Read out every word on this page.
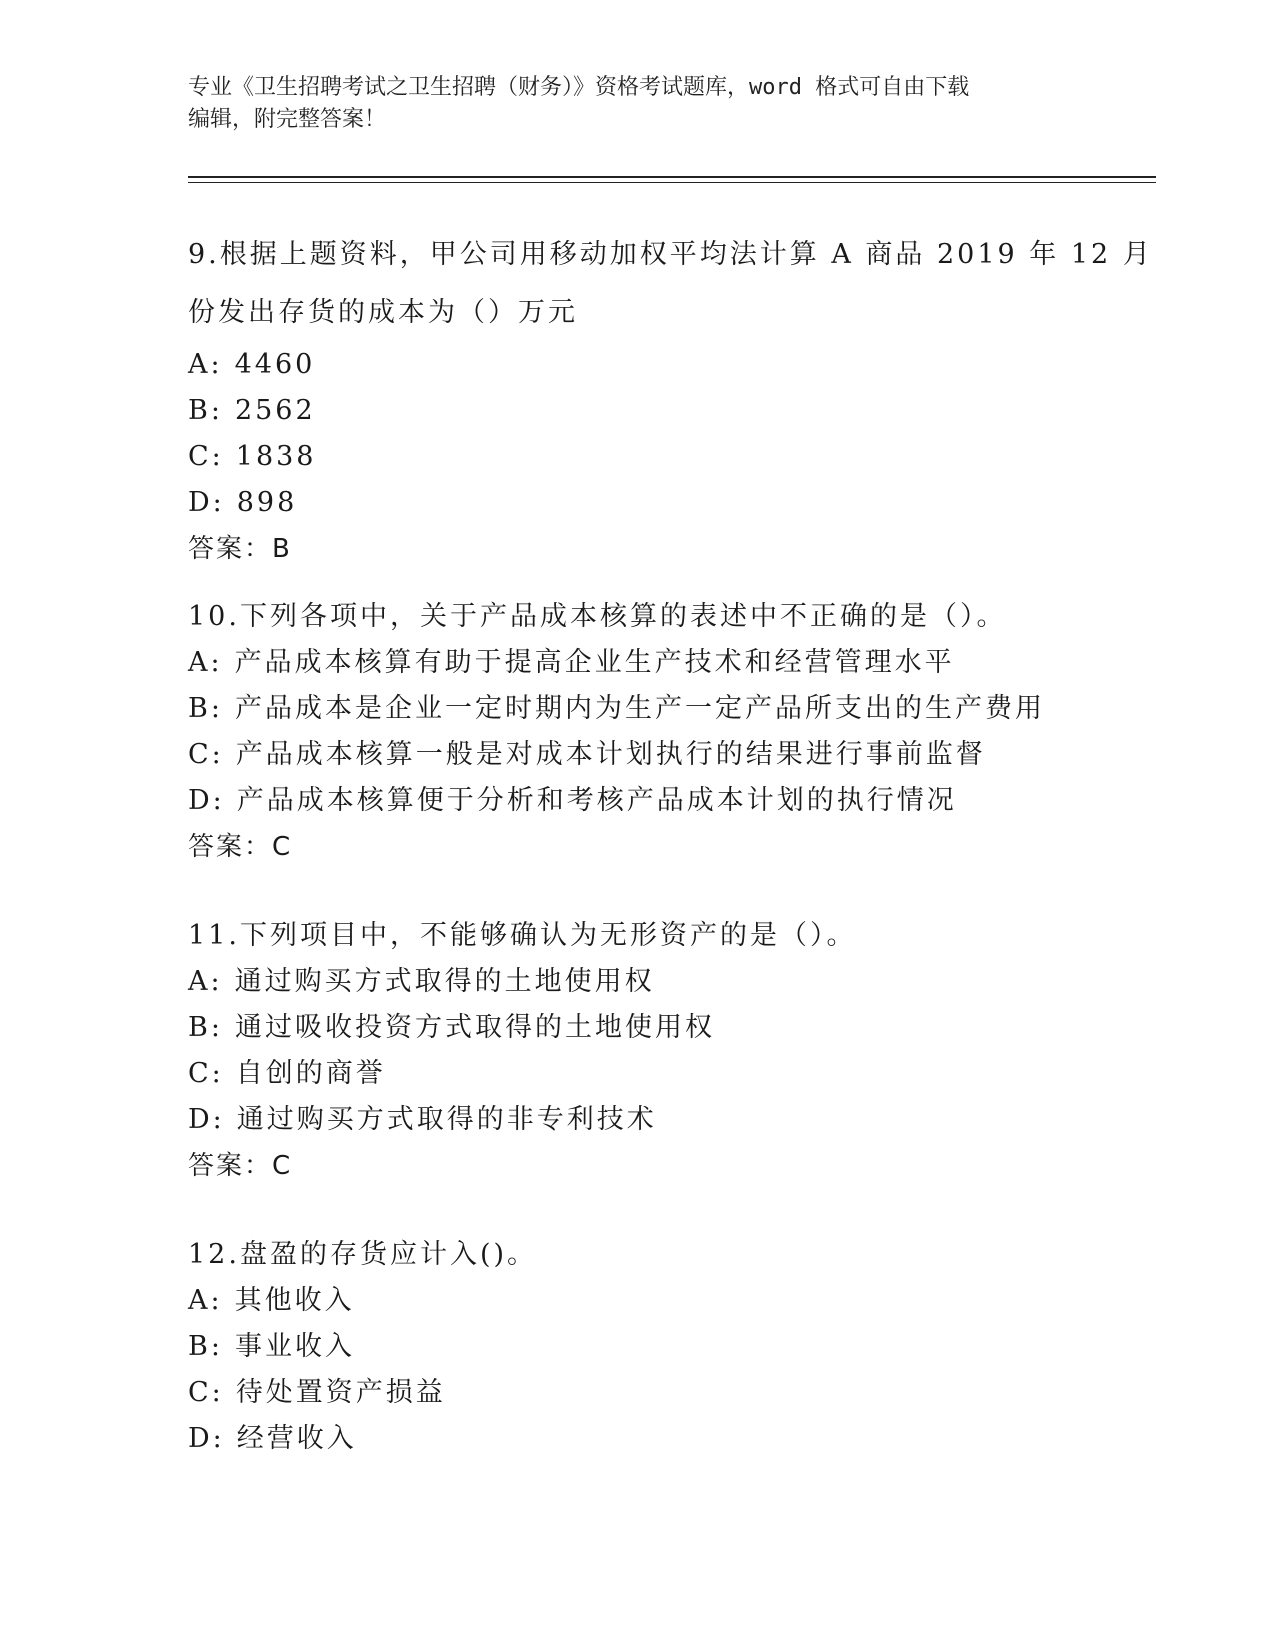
专业《卫生招聘考试之卫生招聘（财务）》资格考试题库，word 格式可自由下载
编辑，附完整答案！
9.根据上题资料，甲公司用移动加权平均法计算 A 商品 2019 年 12 月
份发出存货的成本为（）万元
A: 4460
B: 2562
C: 1838
D: 898
答案：B
10.下列各项中，关于产品成本核算的表述中不正确的是（）。
A: 产品成本核算有助于提高企业生产技术和经营管理水平
B: 产品成本是企业一定时期内为生产一定产品所支出的生产费用
C: 产品成本核算一般是对成本计划执行的结果进行事前监督
D: 产品成本核算便于分析和考核产品成本计划的执行情况
答案：C
11.下列项目中，不能够确认为无形资产的是（）。
A: 通过购买方式取得的土地使用权
B: 通过吸收投资方式取得的土地使用权
C: 自创的商誉
D: 通过购买方式取得的非专利技术
答案：C
12.盘盈的存货应计入()。
A: 其他收入
B: 事业收入
C: 待处置资产损益
D: 经营收入
